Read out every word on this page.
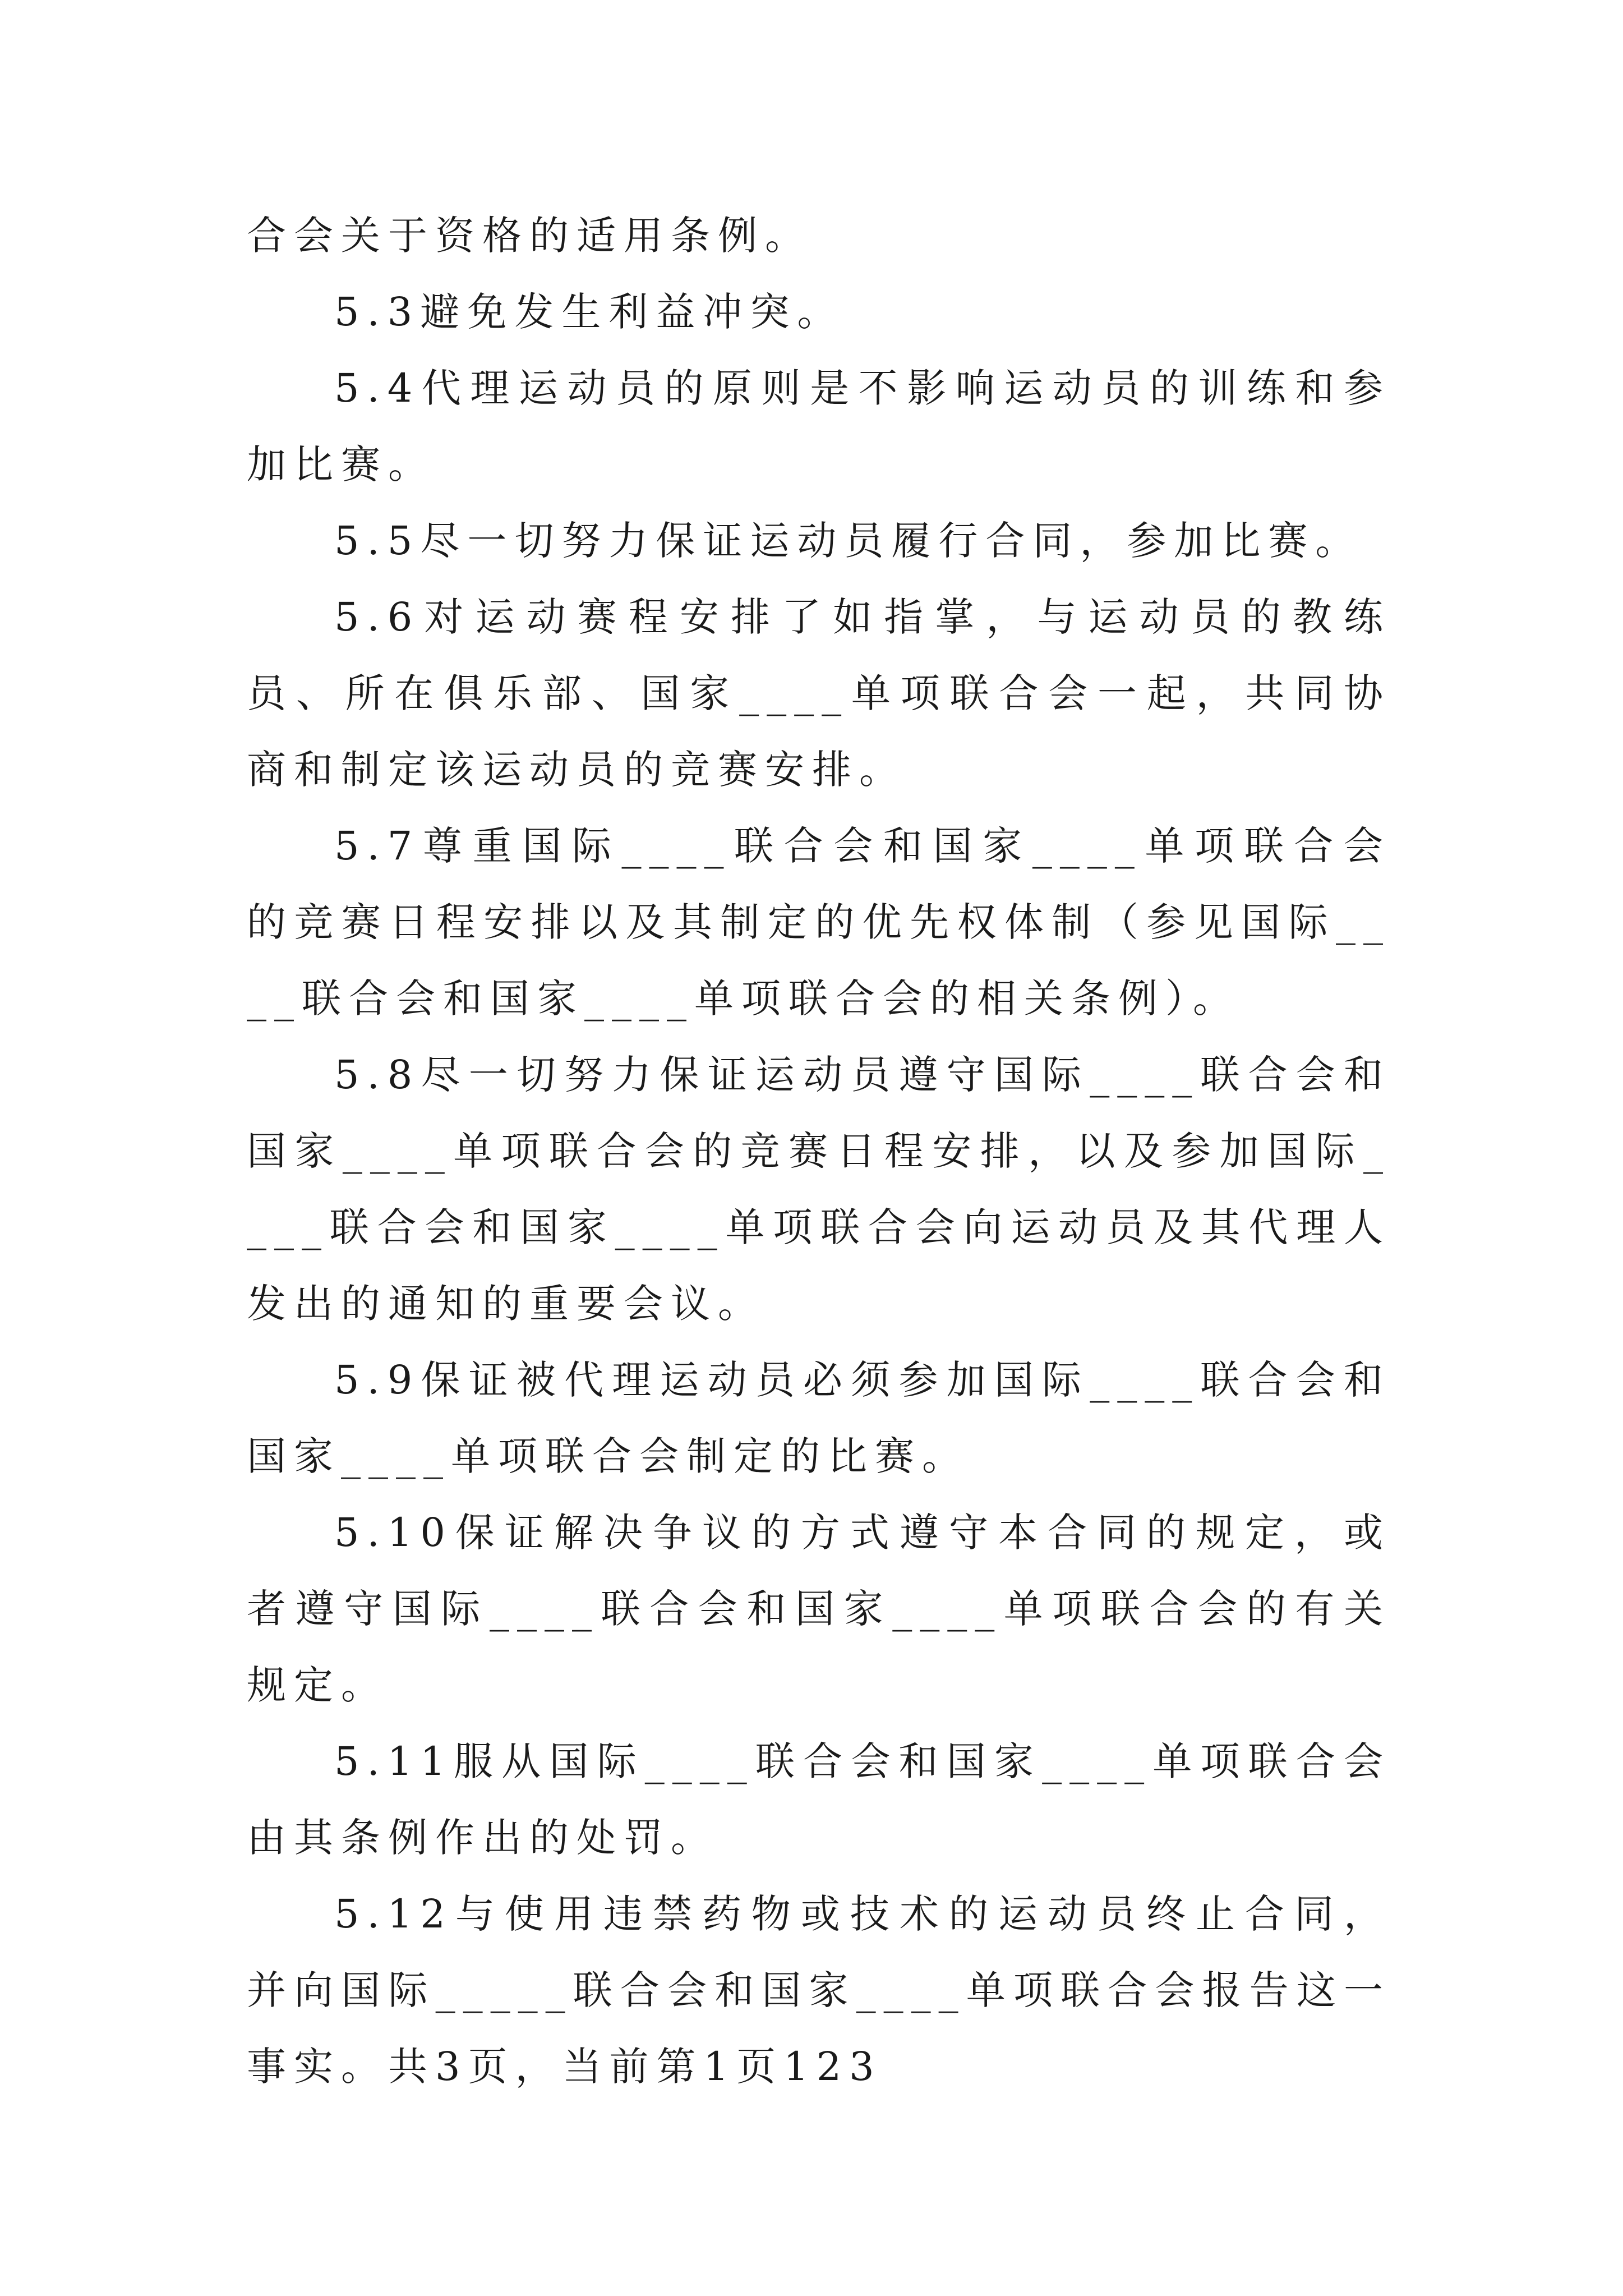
合会关于资格的适用条例。

5.3避免发生利益冲突。

5.4代理运动员的原则是不影响运动员的训练和参加比赛。

5.5尽一切努力保证运动员履行合同，参加比赛。

5.6对运动赛程安排了如指掌，与运动员的教练员、所在俱乐部、国家____单项联合会一起，共同协商和制定该运动员的竞赛安排。

5.7尊重国际____联合会和国家____单项联合会的竞赛日程安排以及其制定的优先权体制（参见国际____联合会和国家____单项联合会的相关条例）。

5.8尽一切努力保证运动员遵守国际____联合会和国家____单项联合会的竞赛日程安排，以及参加国际____联合会和国家____单项联合会向运动员及其代理人发出的通知的重要会议。

5.9保证被代理运动员必须参加国际____联合会和国家____单项联合会制定的比赛。

5.10保证解决争议的方式遵守本合同的规定，或者遵守国际____联合会和国家____单项联合会的有关规定。

5.11服从国际____联合会和国家____单项联合会由其条例作出的处罚。

5.12与使用违禁药物或技术的运动员终止合同，并向国际_____联合会和国家____单项联合会报告这一事实。共3页，当前第1页123
